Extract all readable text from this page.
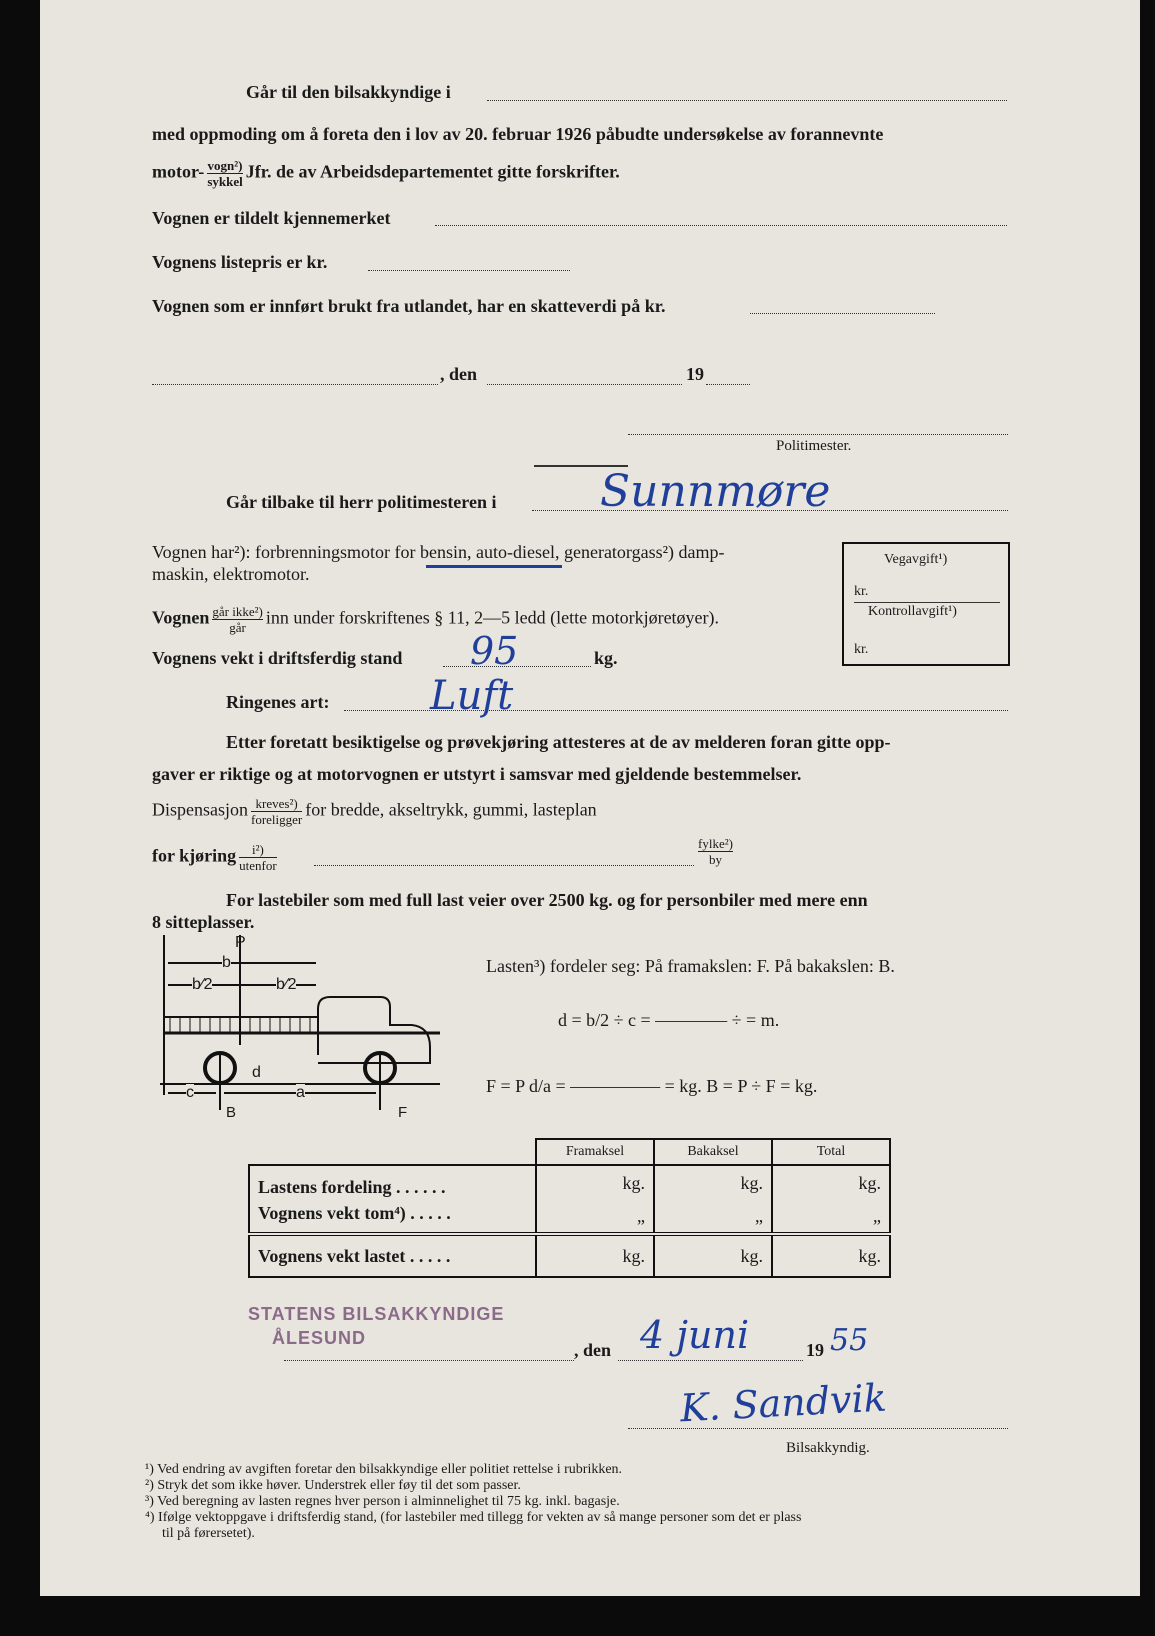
Går til den bilsakkyndige i
med oppmoding om å foreta den i lov av 20. februar 1926 påbudte undersøkelse av forannevnte
motor- $\frac{\text{vogn²)}}{\text{sykkel}}$ Jfr. de av Arbeidsdepartementet gitte forskrifter.
Vognen er tildelt kjennemerket
Vognens listepris er kr.
Vognen som er innført brukt fra utlandet, har en skatteverdi på kr.
, den	19
Politimester.
Går tilbake til herr politimesteren i Sunnmøre
Vognen har²): forbrenningsmotor for bensin, auto-diesel, generatorgass²) damp-
maskin, elektromotor.
Vegavgift¹)
kr.
Kontrollavgift¹)
kr.
Vognen $\frac{\text{går ikke²)}}{\text{går}}$ inn under forskriftenes § 11, 2—5 ledd (lette motorkjøretøyer).
Vognens vekt i driftsferdig stand 95	kg.
Ringenes art:	Luft
Etter foretatt besiktigelse og prøvekjøring attesteres at de av melderen foran gitte opp-
gaver er riktige og at motorvognen er utstyrt i samsvar med gjeldende bestemmelser.
Dispensasjon $\frac{\text{kreves²)}}{\text{foreligger}}$ for bredde, akseltrykk, gummi, lasteplan
for kjøring $\frac{\text{i²)}}{\text{utenfor}}$	fylke²)
by
For lastebiler som med full last veier over 2500 kg. og for personbiler med mere enn
8 sitteplasser.
P
b
b⁄2	b⁄2
d
c	a
B	F
Lasten³) fordeler seg: På framakslen: F. På bakakslen: B.
d = b/2 ÷ c = ———— ÷ = m.
F = P d/a = ————— = kg. B = P ÷ F = kg.
	Framaksel	Bakaksel	Total
Lastens fordeling . . . . . .	kg.	kg.	kg.
Vognens vekt tom⁴) . . . . .	„	„	„
Vognens vekt lastet . . . . .	kg.	kg.	kg.
STATENS BILSAKKYNDIGE
ÅLESUND
, den 4 juni	19 55
K. Sandvik
Bilsakkyndig.
¹) Ved endring av avgiften foretar den bilsakkyndige eller politiet rettelse i rubrikken.
²) Stryk det som ikke høver. Understrek eller føy til det som passer.
³) Ved beregning av lasten regnes hver person i alminnelighet til 75 kg. inkl. bagasje.
⁴) Ifølge vektoppgave i driftsferdig stand, (for lastebiler med tillegg for vekten av så mange personer som det er plass
til på førersetet).
